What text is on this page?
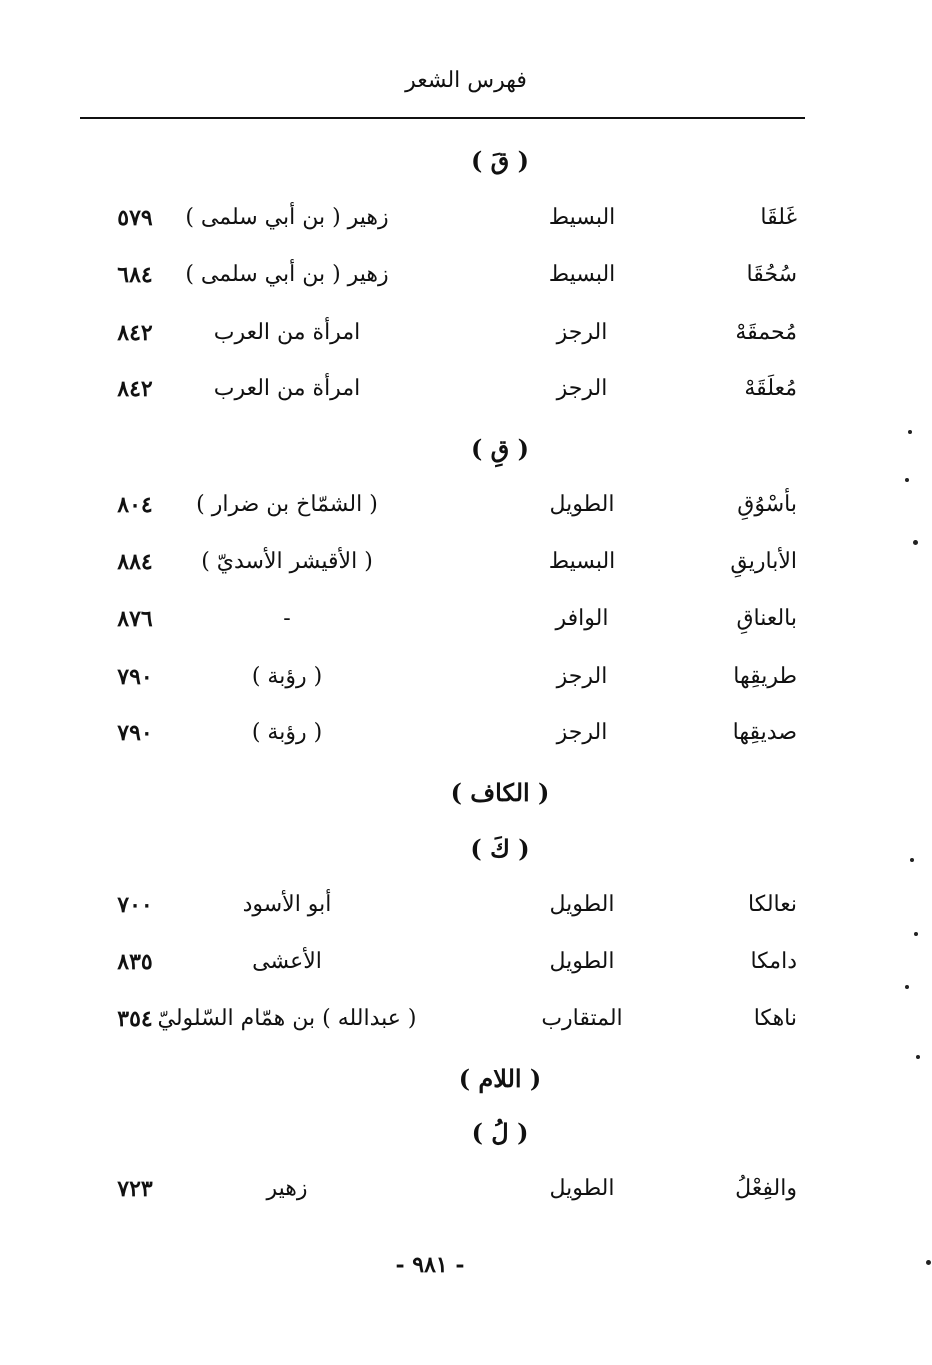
فهرس الشعر
( قَ )
غَلقَا
البسيط
زهير ( بن أبي سلمى )
٥٧٩
سُحُقَا
البسيط
زهير ( بن أبي سلمى )
٦٨٤
مُحمقَهْ
الرجز
امرأة من العرب
٨٤٢
مُعلَقَهْ
الرجز
امرأة من العرب
٨٤٢
( قِ )
بأسْوُقِ
الطويل
( الشمّاخ بن ضرار )
٨٠٤
الأباريقِ
البسيط
( الأقيشر الأسديّ )
٨٨٤
بالعناقِ
الوافر
-
٨٧٦
طريقِها
الرجز
( رؤبة )
٧٩٠
صديقِها
الرجز
( رؤبة )
٧٩٠
( الكاف )
( كَ )
نعالكا
الطويل
أبو الأسود
٧٠٠
دامكا
الطويل
الأعشى
٨٣٥
ناهكا
المتقارب
( عبدالله ) بن همّام السّلوليّ
٣٥٤
( اللام )
( لُ )
والفِعْلُ
الطويل
زهير
٧٢٣
- ٩٨١ -
